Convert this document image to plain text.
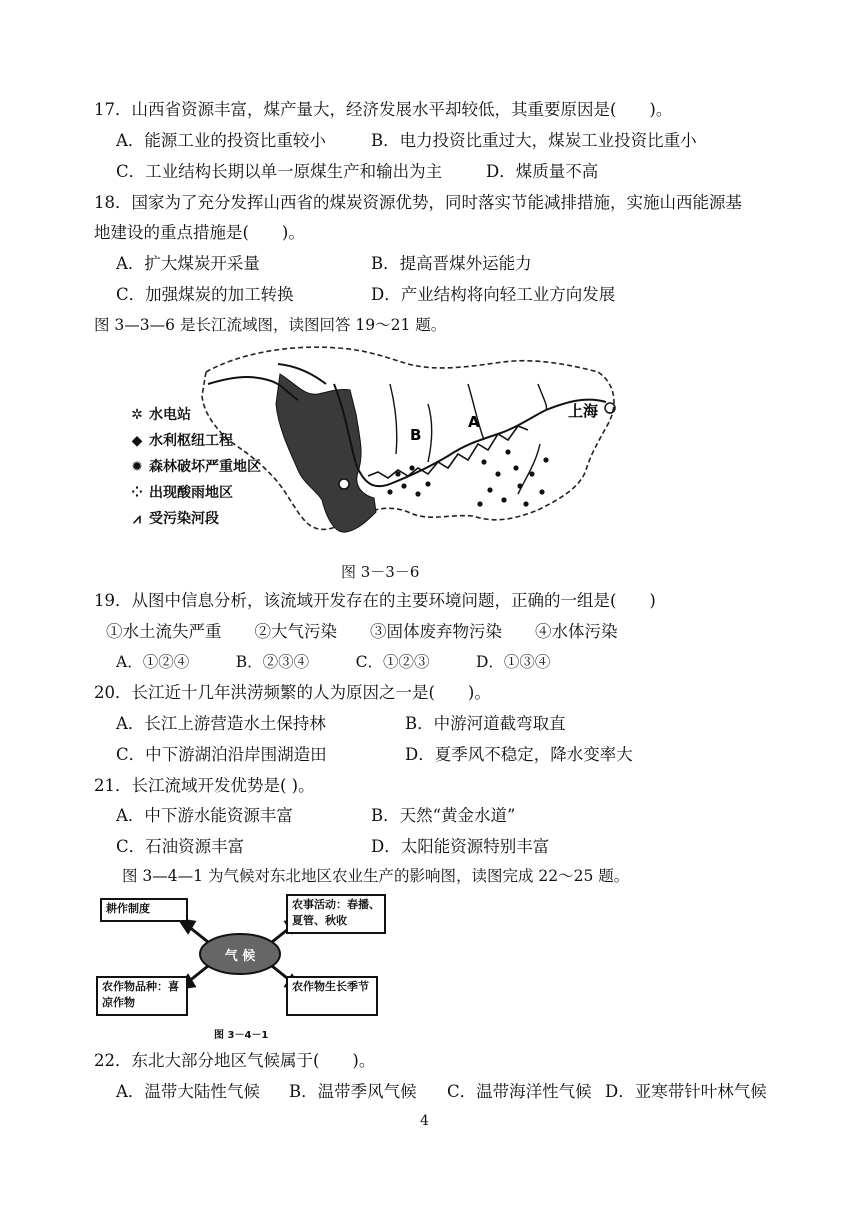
17．山西省资源丰富，煤产量大，经济发展水平却较低，其重要原因是(　　)。
A．能源工业的投资比重较小	B．电力投资比重过大，煤炭工业投资比重小
C．工业结构长期以单一原煤生产和输出为主	D．煤质量不高
18．国家为了充分发挥山西省的煤炭资源优势，同时落实节能减排措施，实施山西能源基
地建设的重点措施是(　　)。
A．扩大煤炭开采量	B．提高晋煤外运能力
C．加强煤炭的加工转换	D．产业结构将向轻工业方向发展
图 3—3—6 是长江流域图，读图回答 19～21 题。
B
A
上海
✲ 水电站
◆ 水利枢纽工程
✹ 森林破坏严重地区
⁘ 出现酸雨地区
⩘ 受污染河段
图 3－3－6
19．从图中信息分析，该流域开发存在的主要环境问题，正确的一组是(　　)
①水土流失严重　　②大气污染　　③固体废弃物污染　　④水体污染
A．①②④　　　B．②③④　　　C．①②③　　　D．①③④
20．长江近十几年洪涝频繁的人为原因之一是(　　)。
A．长江上游营造水土保持林	B．中游河道截弯取直
C．中下游湖泊沿岸围湖造田	D．夏季风不稳定，降水变率大
21．长江流域开发优势是( )。
A．中下游水能资源丰富	B．天然“黄金水道”
C．石油资源丰富	D．太阳能资源特别丰富
图 3—4—1 为气候对东北地区农业生产的影响图，读图完成 22～25 题。
气 候
耕作制度	农事活动：春播、夏管、秋收
农作物品种：喜凉作物
农作物生长季节
图 3－4－1
22．东北大部分地区气候属于(　　)。
A．温带大陆性气候 B．温带季风气候 C．温带海洋性气候 D．亚寒带针叶林气候
4
